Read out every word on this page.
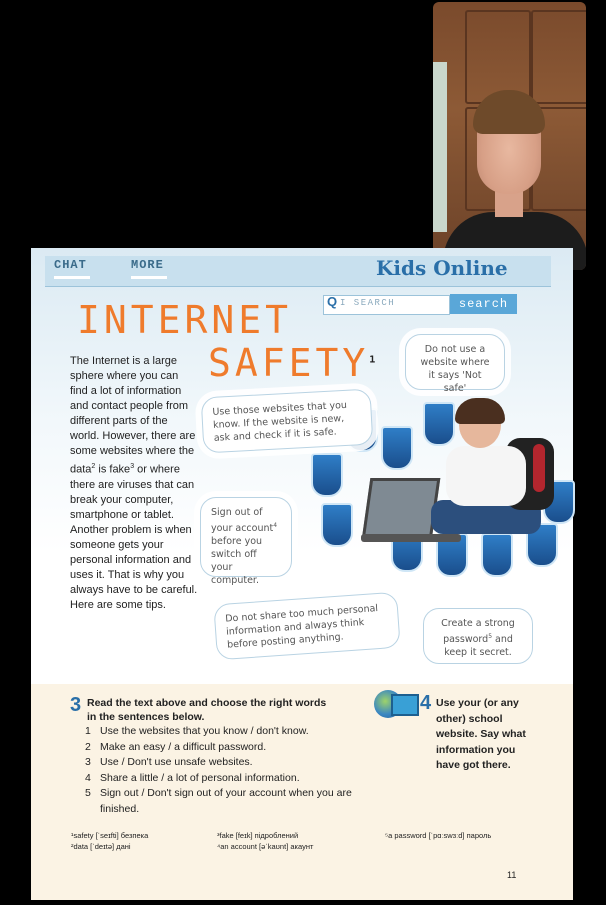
CHAT	MORE	Kids Online
Q I SEARCH	search
INTERNET
SAFETY$^1$
The Internet is a large sphere where you can find a lot of information and contact people from different parts of the world. However, there are some websites where the data$^2$ is fake$^3$ or where there are viruses that can break your computer, smartphone or tablet. Another problem is when someone gets your personal information and uses it. That is why you always have to be careful. Here are some tips.
Do not use a website where it says 'Not safe'
Use those websites that you know. If the website is new, ask and check if it is safe.
Sign out of your account$^4$ before you switch off your computer.
Do not share too much personal information and always think before posting anything.
Create a strong password$^5$ and keep it secret.
3 Read the text above and choose the right words in the sentences below.
1 Use the websites that you know / don't know.
2 Make an easy / a difficult password.
3 Use / Don't use unsafe websites.
4 Share a little / a lot of personal information.
5 Sign out / Don't sign out of your account when you are finished.
4 Use your (or any other) school website. Say what information you have got there.
¹safety [ˈseɪfti] безпека
²data [ˈdeɪtə] дані
³fake [feɪk] підроблений
⁴an account [əˈkaʊnt] акаунт
⁵a password [ˈpɑːswɜːd] пароль
11
